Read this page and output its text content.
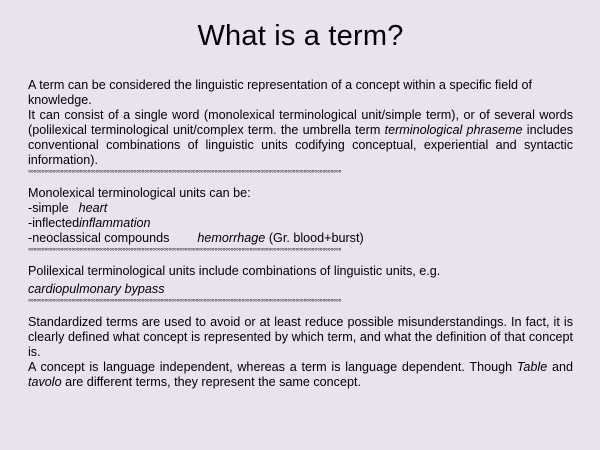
What is a term?

A term can be considered the linguistic representation of a concept within a specific field of knowledge.

It can consist of a single word (monolexical terminological unit/simple term), or of several words (polilexical terminological unit/complex term. the umbrella term terminological phraseme includes conventional combinations of linguistic units codifying conceptual, experiential and syntactic information).

°°°°°°°°°°°°°°°°°°°°°°°°°°°°°°°°°°°°°°°°°°°°°°°°°°°°°°°°°°°°°°°°°°°°°°°°°°°°°°°°°°°°°°°°°°°°°°°°°°°°°°°°°°°°°°°°°°°°

Monolexical terminological units can be:

-simple heart

-inflectedinflammation

-neoclassical compounds hemorrhage (Gr. blood+burst)

°°°°°°°°°°°°°°°°°°°°°°°°°°°°°°°°°°°°°°°°°°°°°°°°°°°°°°°°°°°°°°°°°°°°°°°°°°°°°°°°°°°°°°°°°°°°°°°°°°°°°°°°°°°°°°°°°°°°

Polilexical terminological units include combinations of linguistic units, e.g.

cardiopulmonary bypass

°°°°°°°°°°°°°°°°°°°°°°°°°°°°°°°°°°°°°°°°°°°°°°°°°°°°°°°°°°°°°°°°°°°°°°°°°°°°°°°°°°°°°°°°°°°°°°°°°°°°°°°°°°°°°°°°°°°°

Standardized terms are used to avoid or at least reduce possible misunderstandings. In fact, it is clearly defined what concept is represented by which term, and what the definition of that concept is.

A concept is language independent, whereas a term is language dependent. Though Table and tavolo are different terms, they represent the same concept.
